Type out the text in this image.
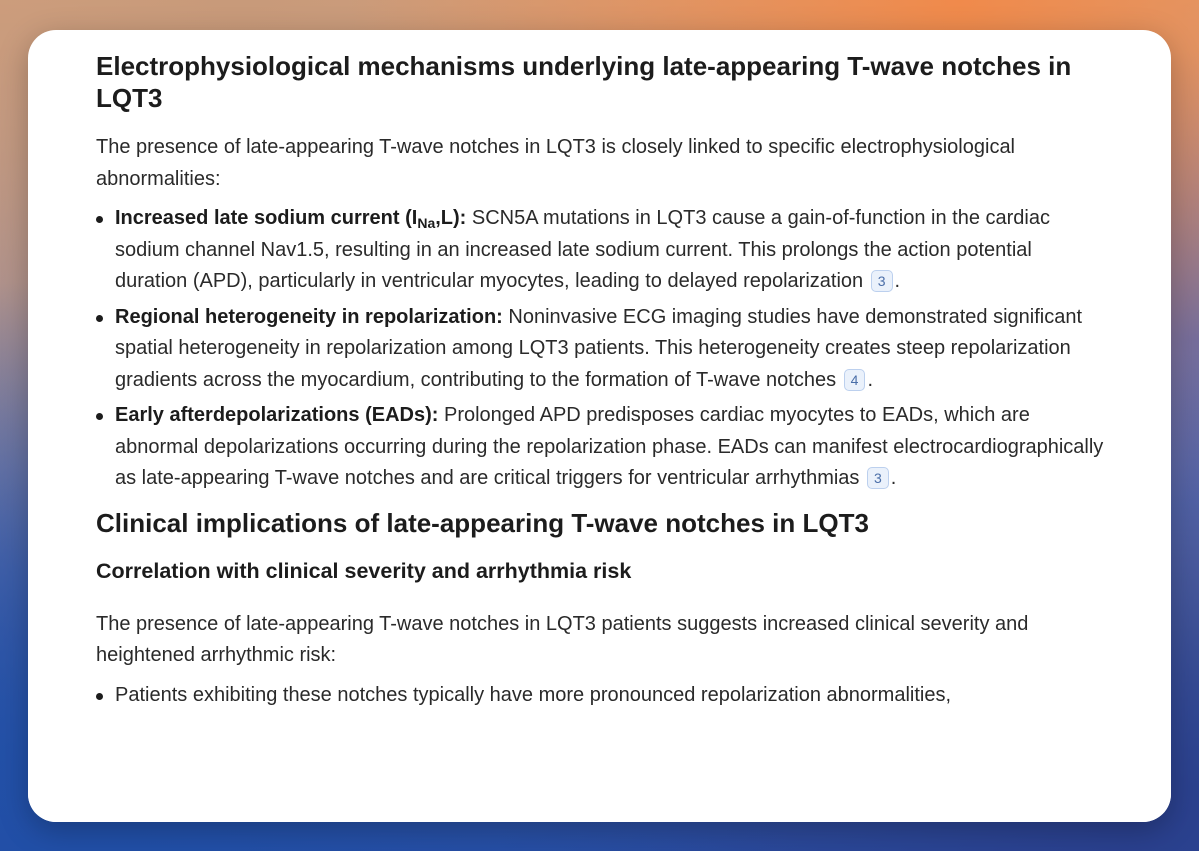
Electrophysiological mechanisms underlying late-appearing T-wave notches in LQT3

The presence of late-appearing T-wave notches in LQT3 is closely linked to specific electrophysiological abnormalities:

Increased late sodium current $(I_{Na},L)$: SCN5A mutations in LQT3 cause a gain-of-function in the cardiac sodium channel Nav1.5, resulting in an increased late sodium current. This prolongs the action potential duration (APD), particularly in ventricular myocytes, leading to delayed repolarization 3 .
Regional heterogeneity in repolarization: Noninvasive ECG imaging studies have demonstrated significant spatial heterogeneity in repolarization among LQT3 patients. This heterogeneity creates steep repolarization gradients across the myocardium, contributing to the formation of T-wave notches 4 .
Early afterdepolarizations (EADs): Prolonged APD predisposes cardiac myocytes to EADs, which are abnormal depolarizations occurring during the repolarization phase. EADs can manifest electrocardiographically as late-appearing T-wave notches and are critical triggers for ventricular arrhythmias 3 .
Clinical implications of late-appearing T-wave notches in LQT3
Correlation with clinical severity and arrhythmia risk

The presence of late-appearing T-wave notches in LQT3 patients suggests increased clinical severity and heightened arrhythmic risk:

Patients exhibiting these notches typically have more pronounced repolarization abnormalities,
